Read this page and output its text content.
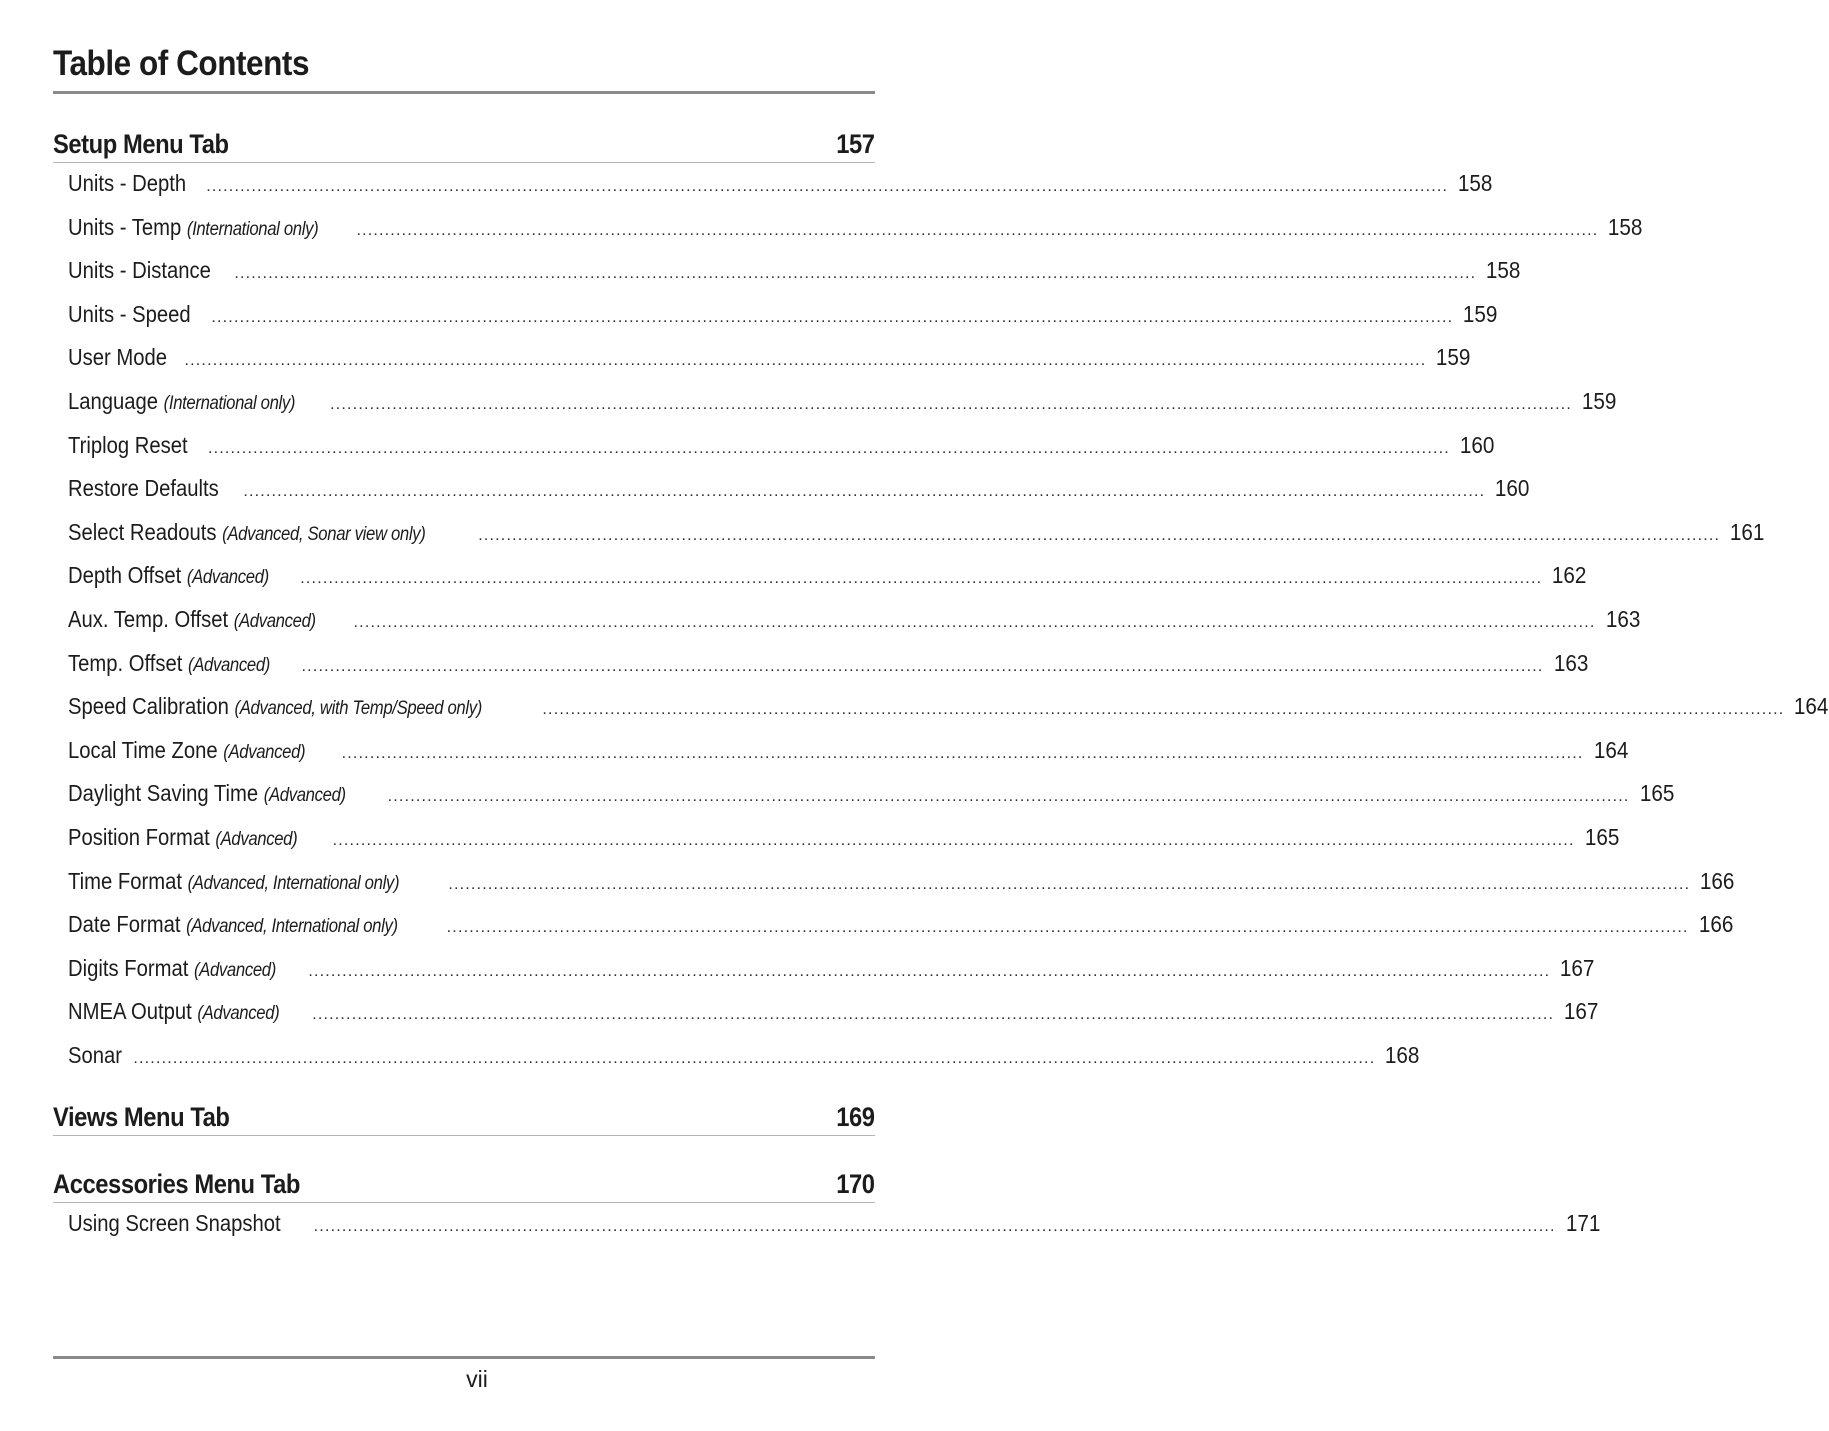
Table of Contents
Setup Menu Tab	157
Units - Depth ............................................................................................................................................................................................................................ 158
Units - Temp (International only) ............................................................................................................................................................................................................................ 158
Units - Distance ............................................................................................................................................................................................................................ 158
Units - Speed ............................................................................................................................................................................................................................ 159
User Mode ............................................................................................................................................................................................................................ 159
Language (International only) ............................................................................................................................................................................................................................ 159
Triplog Reset ............................................................................................................................................................................................................................ 160
Restore Defaults ............................................................................................................................................................................................................................ 160
Select Readouts (Advanced, Sonar view only)	............................................................................................................................................................................................................................ 161
Depth Offset (Advanced) ............................................................................................................................................................................................................................ 162
Aux. Temp. Offset (Advanced) ............................................................................................................................................................................................................................ 163
Temp. Offset (Advanced) ............................................................................................................................................................................................................................ 163
Speed Calibration (Advanced, with Temp/Speed only)	............................................................................................................................................................................................................................ 164
Local Time Zone (Advanced) ............................................................................................................................................................................................................................ 164
Daylight Saving Time (Advanced)	............................................................................................................................................................................................................................ 165
Position Format (Advanced) ............................................................................................................................................................................................................................ 165
Time Format (Advanced, International only)	............................................................................................................................................................................................................................ 166
Date Format (Advanced, International only)	............................................................................................................................................................................................................................ 166
Digits Format (Advanced) ............................................................................................................................................................................................................................ 167
NMEA Output (Advanced) ............................................................................................................................................................................................................................ 167
Sonar ............................................................................................................................................................................................................................ 168
Views Menu Tab	169
Accessories Menu Tab	170
Using Screen Snapshot ............................................................................................................................................................................................................................ 171
vii
